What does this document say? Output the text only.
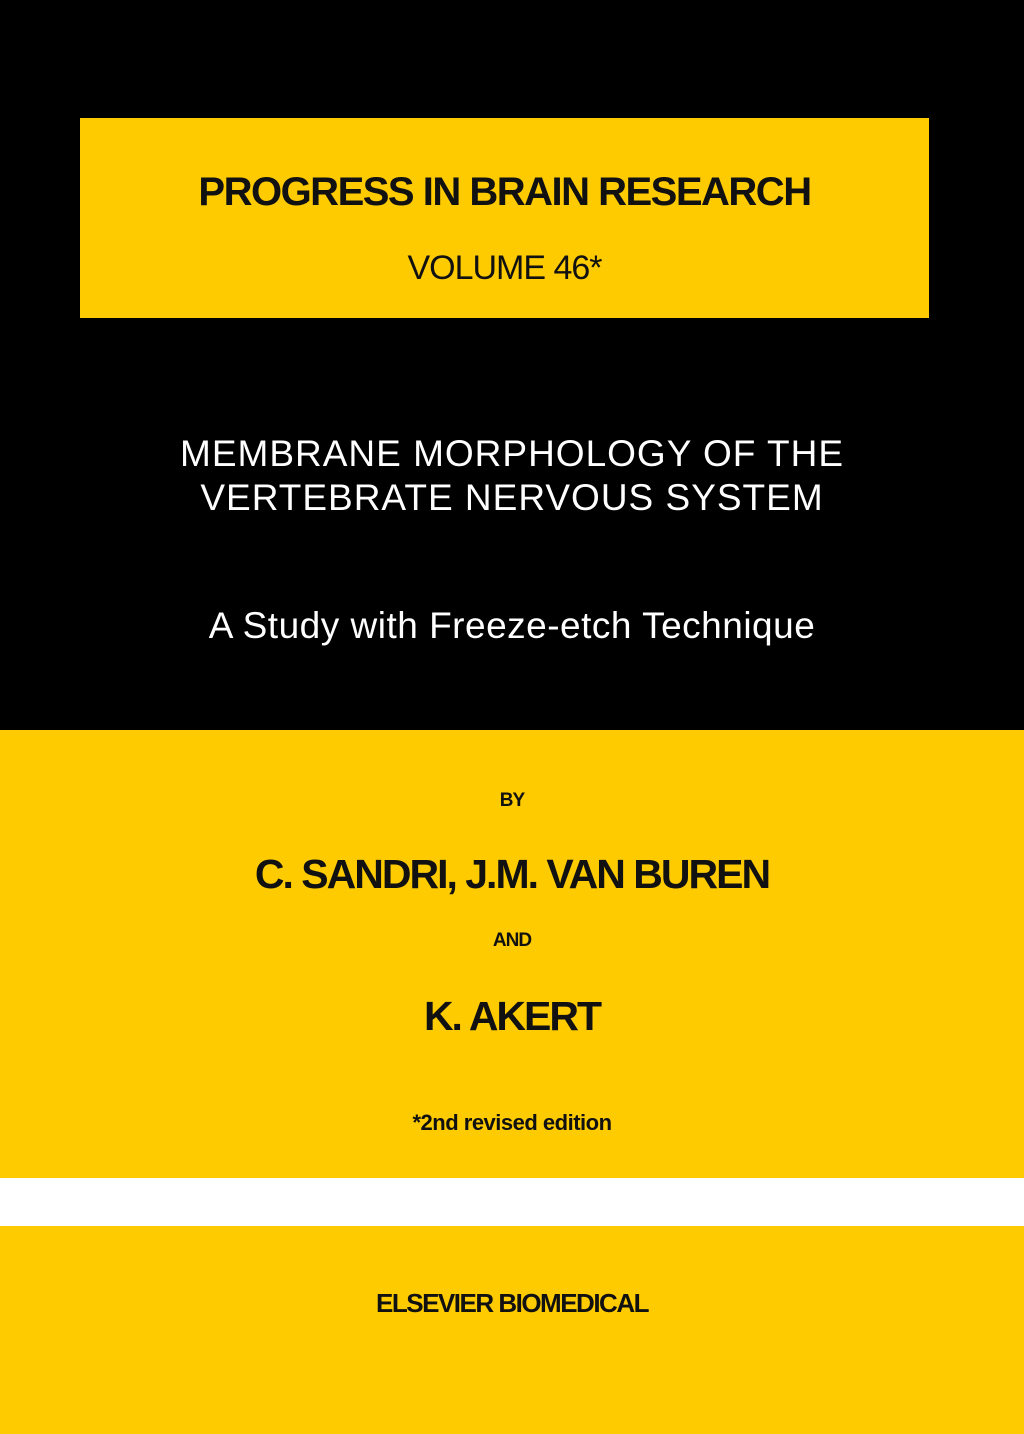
PROGRESS IN BRAIN RESEARCH
VOLUME 46*
MEMBRANE MORPHOLOGY OF THE
VERTEBRATE NERVOUS SYSTEM
A Study with Freeze-etch Technique
BY
C. SANDRI, J.M. VAN BUREN
AND
K. AKERT
*2nd revised edition
ELSEVIER BIOMEDICAL
